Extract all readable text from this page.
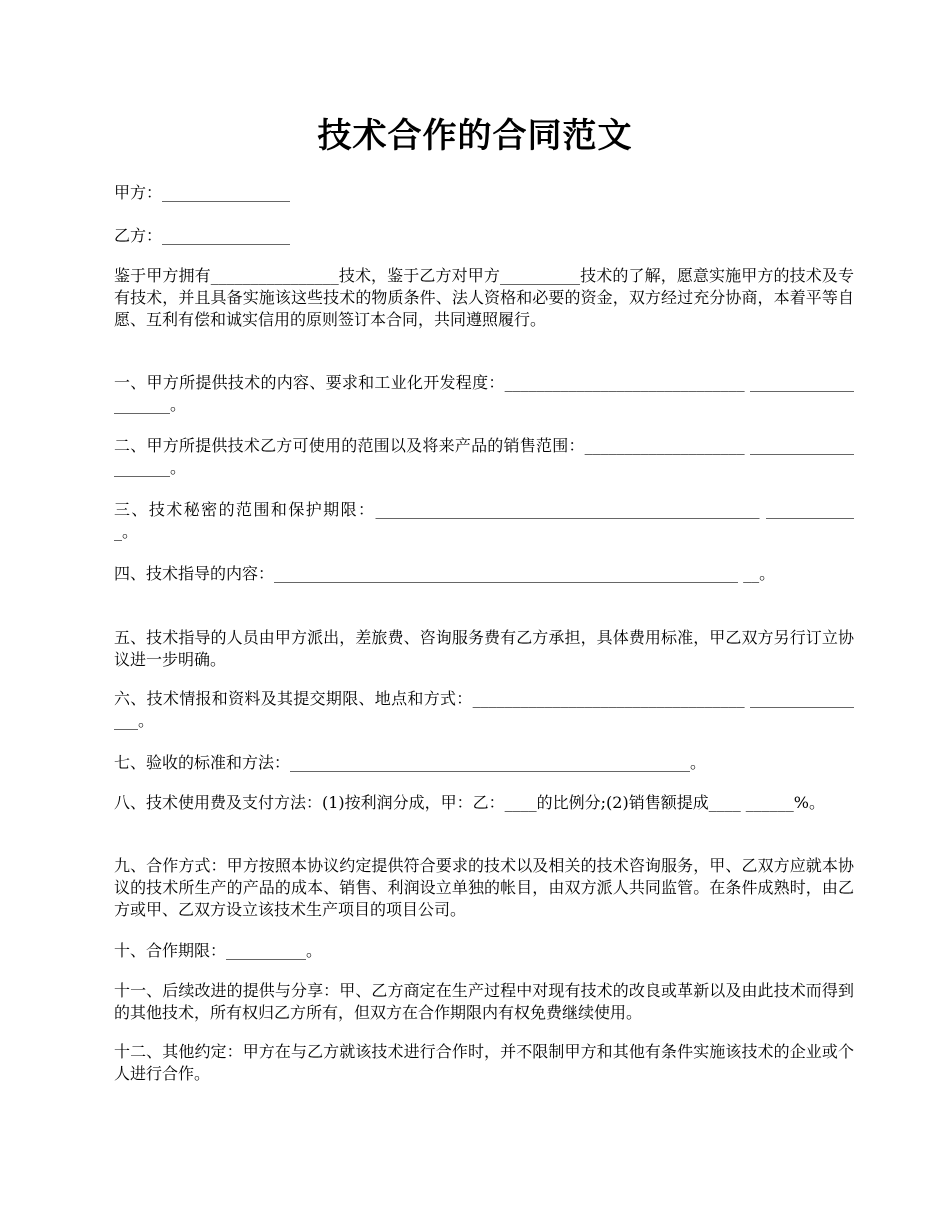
技术合作的合同范文
甲方：________________
乙方：________________
鉴于甲方拥有________________技术，鉴于乙方对甲方__________技术的了解，愿意实施甲方的技术及专有技术，并且具备实施该这些技术的物质条件、法人资格和必要的资金，双方经过充分协商，本着平等自愿、互利有偿和诚实信用的原则签订本合同，共同遵照履行。
一、甲方所提供技术的内容、要求和工业化开发程度：______________________________ ____________________。
二、甲方所提供技术乙方可使用的范围以及将来产品的销售范围：____________________ ____________________。
三、技术秘密的范围和保护期限：________________________________________________ ____________。
四、技术指导的内容：__________________________________________________________ __。
五、技术指导的人员由甲方派出，差旅费、咨询服务费有乙方承担，具体费用标准，甲乙双方另行订立协议进一步明确。
六、技术情报和资料及其提交期限、地点和方式：__________________________________ ________________。
七、验收的标准和方法：__________________________________________________。
八、技术使用费及支付方法：(1)按利润分成，甲：乙：____的比例分;(2)销售额提成____ ______%。
九、合作方式：甲方按照本协议约定提供符合要求的技术以及相关的技术咨询服务，甲、乙双方应就本协议的技术所生产的产品的成本、销售、利润设立单独的帐目，由双方派人共同监管。在条件成熟时，由乙方或甲、乙双方设立该技术生产项目的项目公司。
十、合作期限：__________。
十一、后续改进的提供与分享：甲、乙方商定在生产过程中对现有技术的改良或革新以及由此技术而得到的其他技术，所有权归乙方所有，但双方在合作期限内有权免费继续使用。
十二、其他约定：甲方在与乙方就该技术进行合作时，并不限制甲方和其他有条件实施该技术的企业或个人进行合作。
